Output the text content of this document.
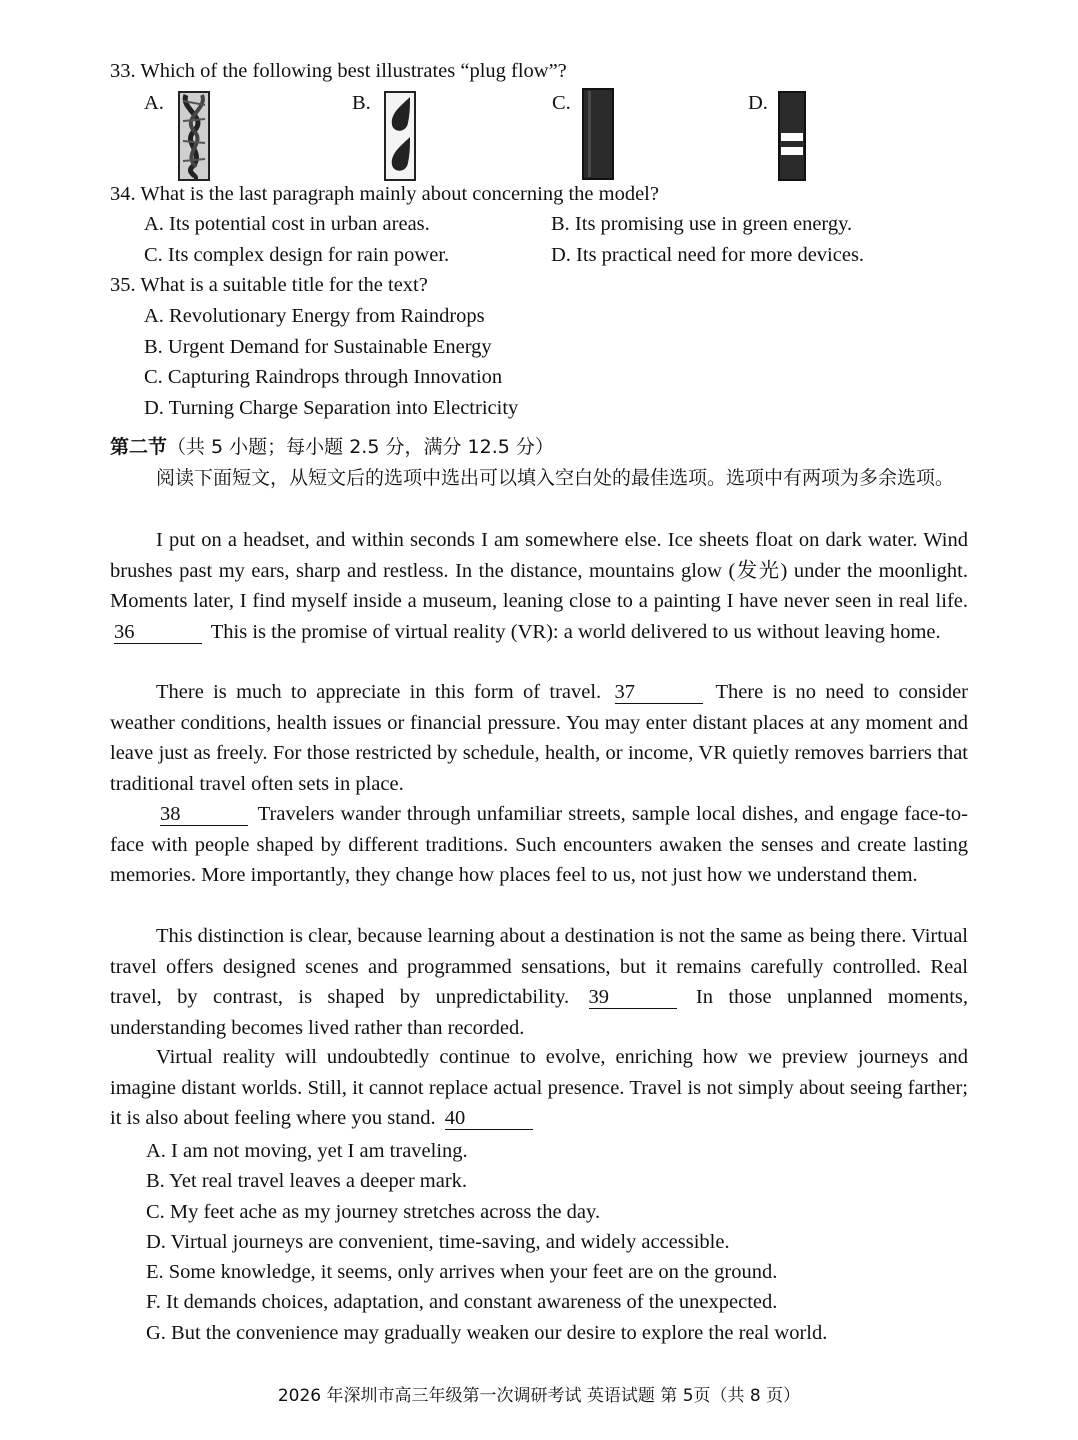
33. Which of the following best illustrates “plug flow”?
A.	B.	C.	D.
34. What is the last paragraph mainly about concerning the model?
A. Its potential cost in urban areas.	B. Its promising use in green energy.
C. Its complex design for rain power.	D. Its practical need for more devices.
35. What is a suitable title for the text?
A. Revolutionary Energy from Raindrops
B. Urgent Demand for Sustainable Energy
C. Capturing Raindrops through Innovation
D. Turning Charge Separation into Electricity
第二节（共 5 小题；每小题 2.5 分，满分 12.5 分）
阅读下面短文，从短文后的选项中选出可以填入空白处的最佳选项。选项中有两项为多余选项。
I put on a headset, and within seconds I am somewhere else. Ice sheets float on dark water. Wind brushes past my ears, sharp and restless. In the distance, mountains glow (发光) under the moonlight. Moments later, I find myself inside a museum, leaning close to a painting I have never seen in real life. 36	This is the promise of virtual reality (VR): a world delivered to us without leaving home.
There is much to appreciate in this form of travel. 37	There is no need to consider weather conditions, health issues or financial pressure. You may enter distant places at any moment and leave just as freely. For those restricted by schedule, health, or income, VR quietly removes barriers that traditional travel often sets in place.
38	Travelers wander through unfamiliar streets, sample local dishes, and engage face-to-face with people shaped by different traditions. Such encounters awaken the senses and create lasting memories. More importantly, they change how places feel to us, not just how we understand them.
This distinction is clear, because learning about a destination is not the same as being there. Virtual travel offers designed scenes and programmed sensations, but it remains carefully controlled. Real travel, by contrast, is shaped by unpredictability. 39	In those unplanned moments, understanding becomes lived rather than recorded.
Virtual reality will undoubtedly continue to evolve, enriching how we preview journeys and imagine distant worlds. Still, it cannot replace actual presence. Travel is not simply about seeing farther; it is also about feeling where you stand. 40
A. I am not moving, yet I am traveling.
B. Yet real travel leaves a deeper mark.
C. My feet ache as my journey stretches across the day.
D. Virtual journeys are convenient, time-saving, and widely accessible.
E. Some knowledge, it seems, only arrives when your feet are on the ground.
F. It demands choices, adaptation, and constant awareness of the unexpected.
G. But the convenience may gradually weaken our desire to explore the real world.
2026 年深圳市高三年级第一次调研考试 英语试题 第 5页（共 8 页）
